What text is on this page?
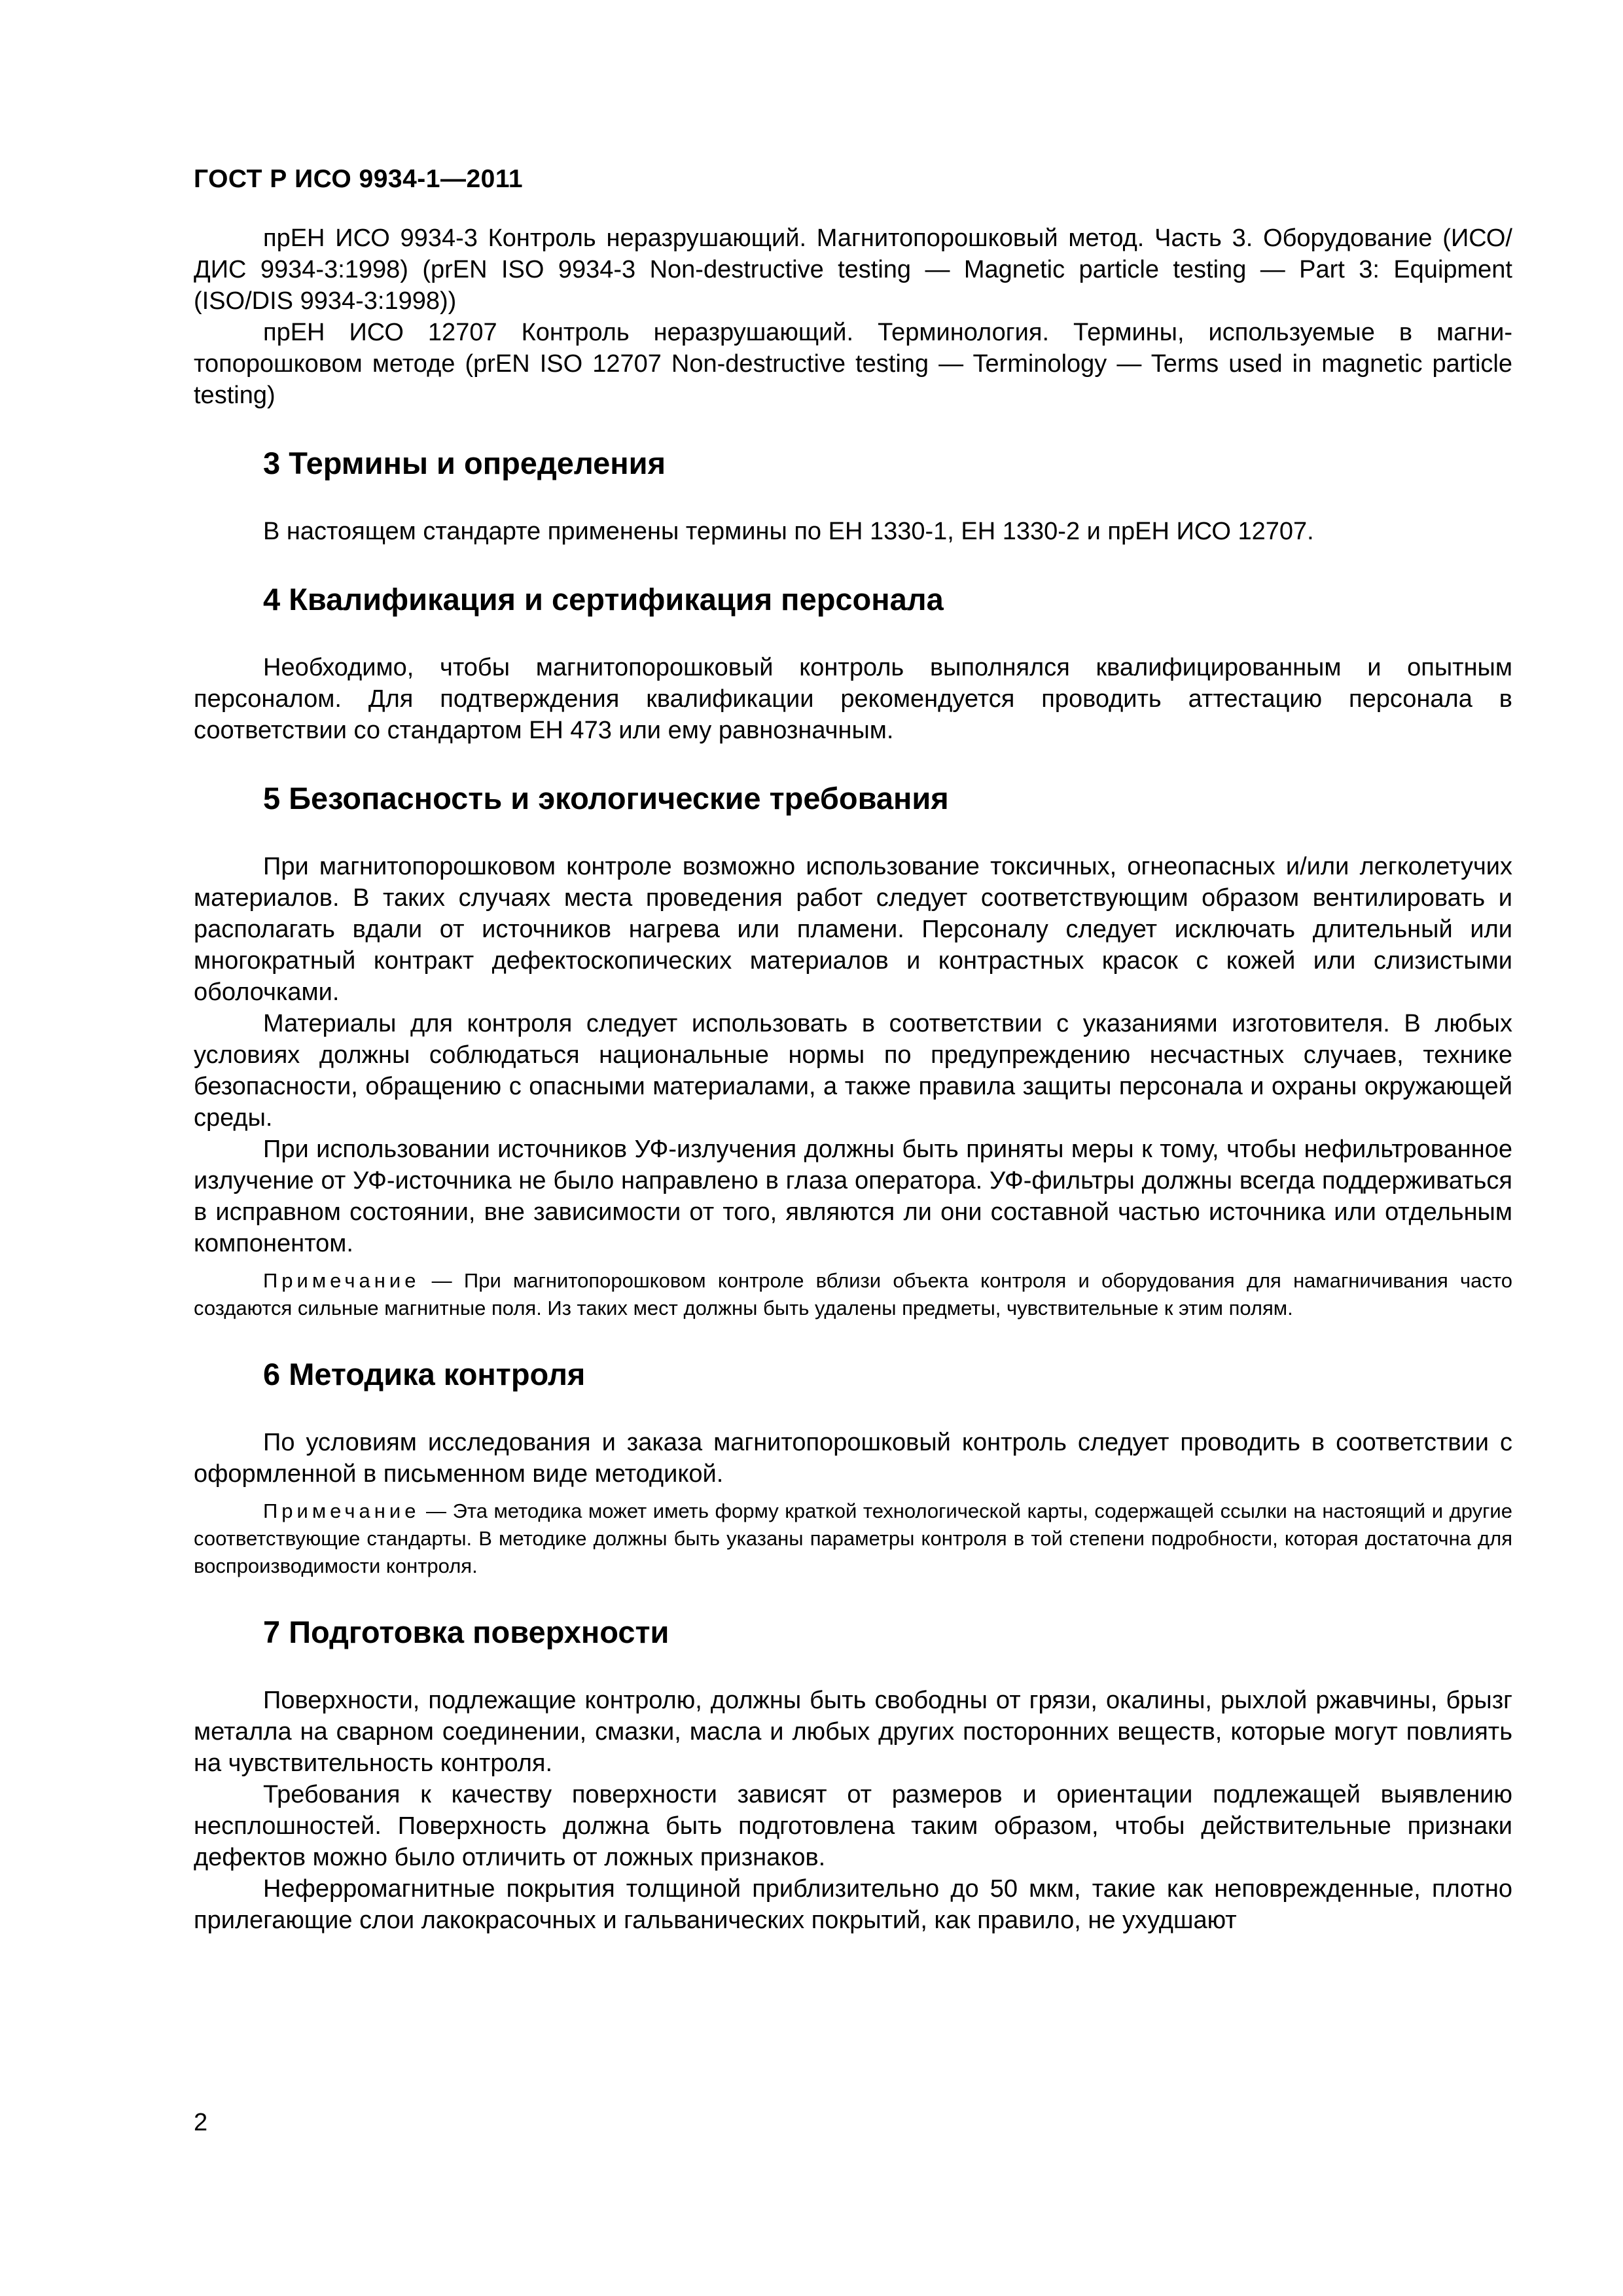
ГОСТ Р ИСО 9934-1—2011

прЕН ИСО 9934-3 Контроль неразрушающий. Магнитопорошковый метод. Часть 3. Оборудование (ИСО/ДИС 9934-3:1998) (prEN ISO 9934-3 Non-destructive testing — Magnetic particle testing — Part 3: Equipment (ISO/DIS 9934-3:1998))

прЕН ИСО 12707 Контроль неразрушающий. Терминология. Термины, используемые в магнитопорошковом методе (prEN ISO 12707 Non-destructive testing — Terminology — Terms used in magnetic particle testing)

3 Термины и определения

В настоящем стандарте применены термины по ЕН 1330-1, ЕН 1330-2 и прЕН ИСО 12707.

4 Квалификация и сертификация персонала

Необходимо, чтобы магнитопорошковый контроль выполнялся квалифицированным и опытным персоналом. Для подтверждения квалификации рекомендуется проводить аттестацию персонала в соответствии со стандартом ЕН 473 или ему равнозначным.

5 Безопасность и экологические требования

При магнитопорошковом контроле возможно использование токсичных, огнеопасных и/или легколетучих материалов. В таких случаях места проведения работ следует соответствующим образом вентилировать и располагать вдали от источников нагрева или пламени. Персоналу следует исключать длительный или многократный контракт дефектоскопических материалов и контрастных красок с кожей или слизистыми оболочками.

Материалы для контроля следует использовать в соответствии с указаниями изготовителя. В любых условиях должны соблюдаться национальные нормы по предупреждению несчастных случаев, технике безопасности, обращению с опасными материалами, а также правила защиты персонала и охраны окружающей среды.

При использовании источников УФ-излучения должны быть приняты меры к тому, чтобы нефильтрованное излучение от УФ-источника не было направлено в глаза оператора. УФ-фильтры должны всегда поддерживаться в исправном состоянии, вне зависимости от того, являются ли они составной частью источника или отдельным компонентом.

Примечание — При магнитопорошковом контроле вблизи объекта контроля и оборудования для намагничивания часто создаются сильные магнитные поля. Из таких мест должны быть удалены предметы, чувствительные к этим полям.

6 Методика контроля

По условиям исследования и заказа магнитопорошковый контроль следует проводить в соответствии с оформленной в письменном виде методикой.

Примечание — Эта методика может иметь форму краткой технологической карты, содержащей ссылки на настоящий и другие соответствующие стандарты. В методике должны быть указаны параметры контроля в той степени подробности, которая достаточна для воспроизводимости контроля.

7 Подготовка поверхности

Поверхности, подлежащие контролю, должны быть свободны от грязи, окалины, рыхлой ржавчины, брызг металла на сварном соединении, смазки, масла и любых других посторонних веществ, которые могут повлиять на чувствительность контроля.

Требования к качеству поверхности зависят от размеров и ориентации подлежащей выявлению несплошностей. Поверхность должна быть подготовлена таким образом, чтобы действительные признаки дефектов можно было отличить от ложных признаков.

Неферромагнитные покрытия толщиной приблизительно до 50 мкм, такие как неповрежденные, плотно прилегающие слои лакокрасочных и гальванических покрытий, как правило, не ухудшают

2
